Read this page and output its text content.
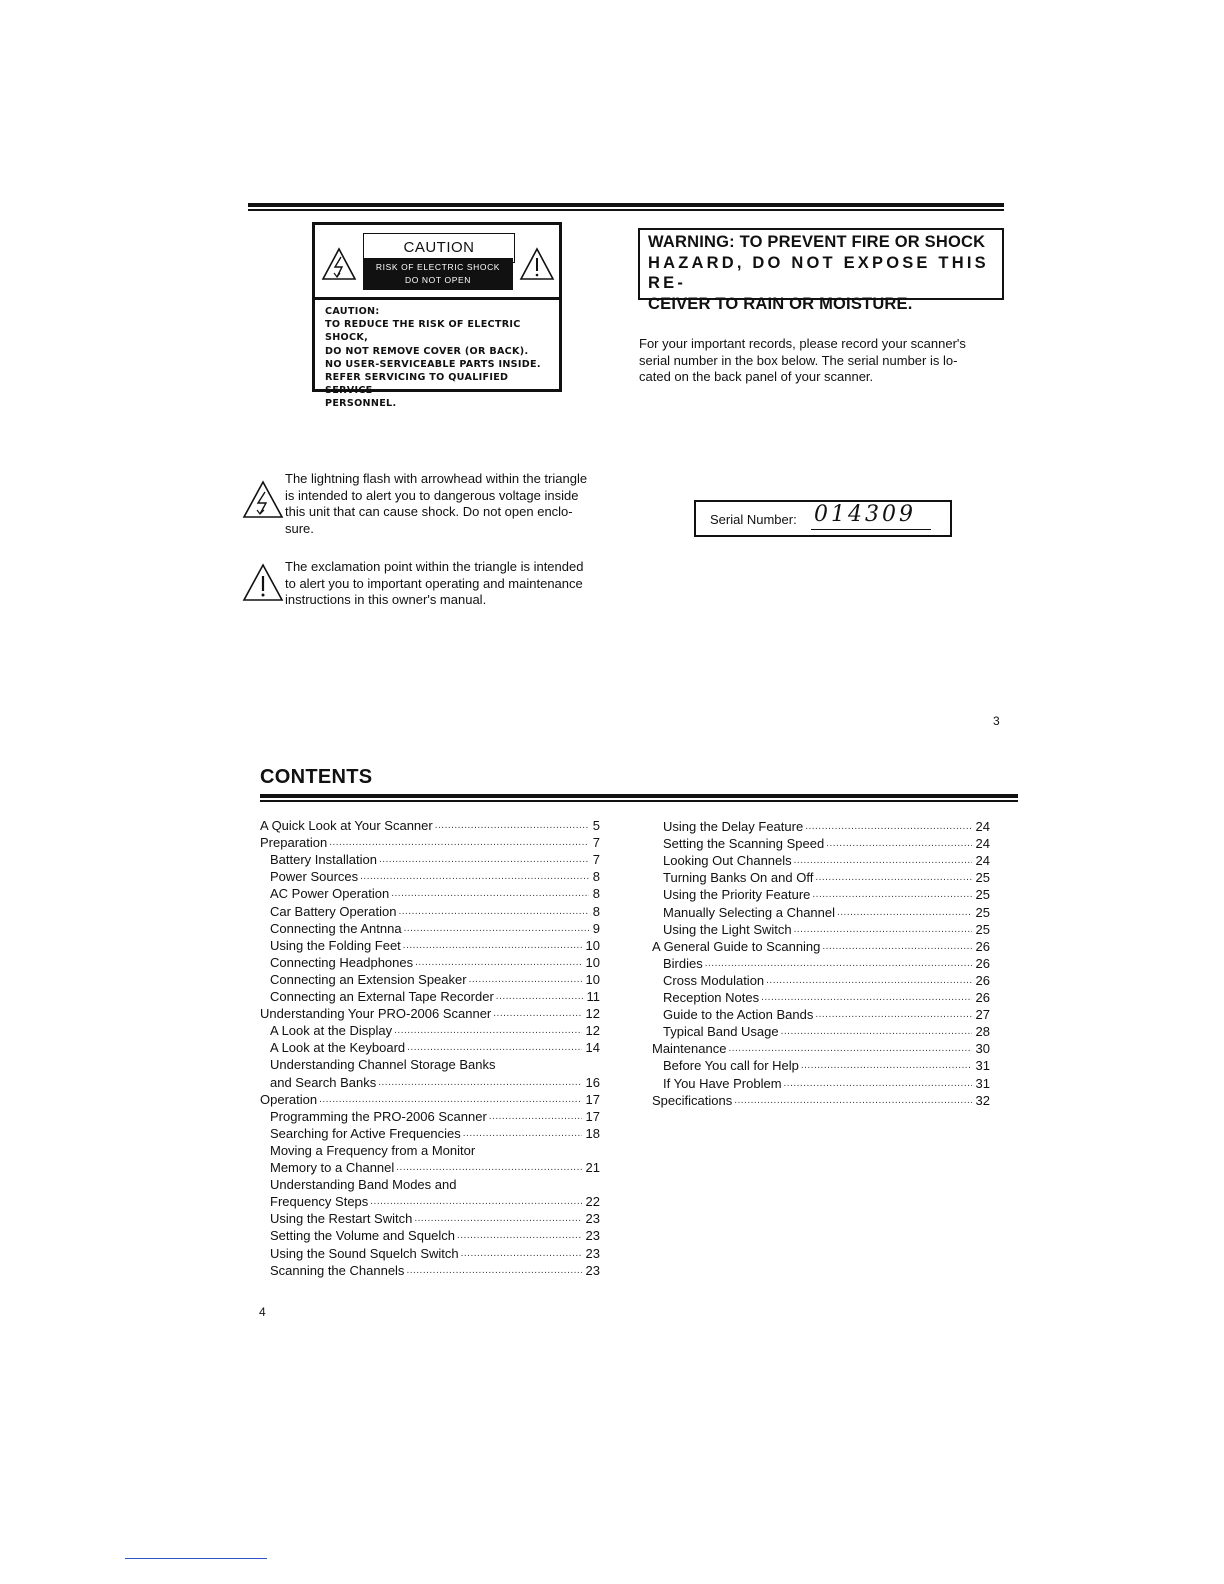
CAUTION
RISK OF ELECTRIC SHOCK
DO NOT OPEN
CAUTION:
TO REDUCE THE RISK OF ELECTRIC SHOCK,
DO NOT REMOVE COVER (OR BACK).
NO USER-SERVICEABLE PARTS INSIDE.
REFER SERVICING TO QUALIFIED SERVICE
PERSONNEL.
WARNING: TO PREVENT FIRE OR SHOCK
HAZARD, DO NOT EXPOSE THIS RE-
CEIVER TO RAIN OR MOISTURE.
For your important records, please record your scanner's
serial number in the box below. The serial number is lo-
cated on the back panel of your scanner.
The lightning flash with arrowhead within the triangle
is intended to alert you to dangerous voltage inside
this unit that can cause shock. Do not open enclo-
sure.
The exclamation point within the triangle is intended
to alert you to important operating and maintenance
instructions in this owner's manual.
Serial Number: 014309
3
CONTENTS
A Quick Look at Your Scanner .....	5
Preparation .....	7
Battery Installation .....	7
Power Sources .....	8
AC Power Operation .....	8
Car Battery Operation .....	8
Connecting the Antnna .....	9
Using the Folding Feet .....	10
Connecting Headphones .....	10
Connecting an Extension Speaker .....	10
Connecting an External Tape Recorder .....	11
Understanding Your PRO-2006 Scanner .....	12
A Look at the Display .....	12
A Look at the Keyboard .....	14
Understanding Channel Storage Banks
and Search Banks .....	16
Operation .....	17
Programming the PRO-2006 Scanner .....	17
Searching for Active Frequencies .....	18
Moving a Frequency from a Monitor
Memory to a Channel .....	21
Understanding Band Modes and
Frequency Steps .....	22
Using the Restart Switch .....	23
Setting the Volume and Squelch .....	23
Using the Sound Squelch Switch .....	23
Scanning the Channels .....	23
Using the Delay Feature .....	24
Setting the Scanning Speed .....	24
Looking Out Channels .....	24
Turning Banks On and Off .....	25
Using the Priority Feature .....	25
Manually Selecting a Channel .....	25
Using the Light Switch .....	25
A General Guide to Scanning .....	26
Birdies .....	26
Cross Modulation .....	26
Reception Notes .....	26
Guide to the Action Bands .....	27
Typical Band Usage .....	28
Maintenance .....	30
Before You call for Help .....	31
If You Have Problem .....	31
Specifications .....	32
4
